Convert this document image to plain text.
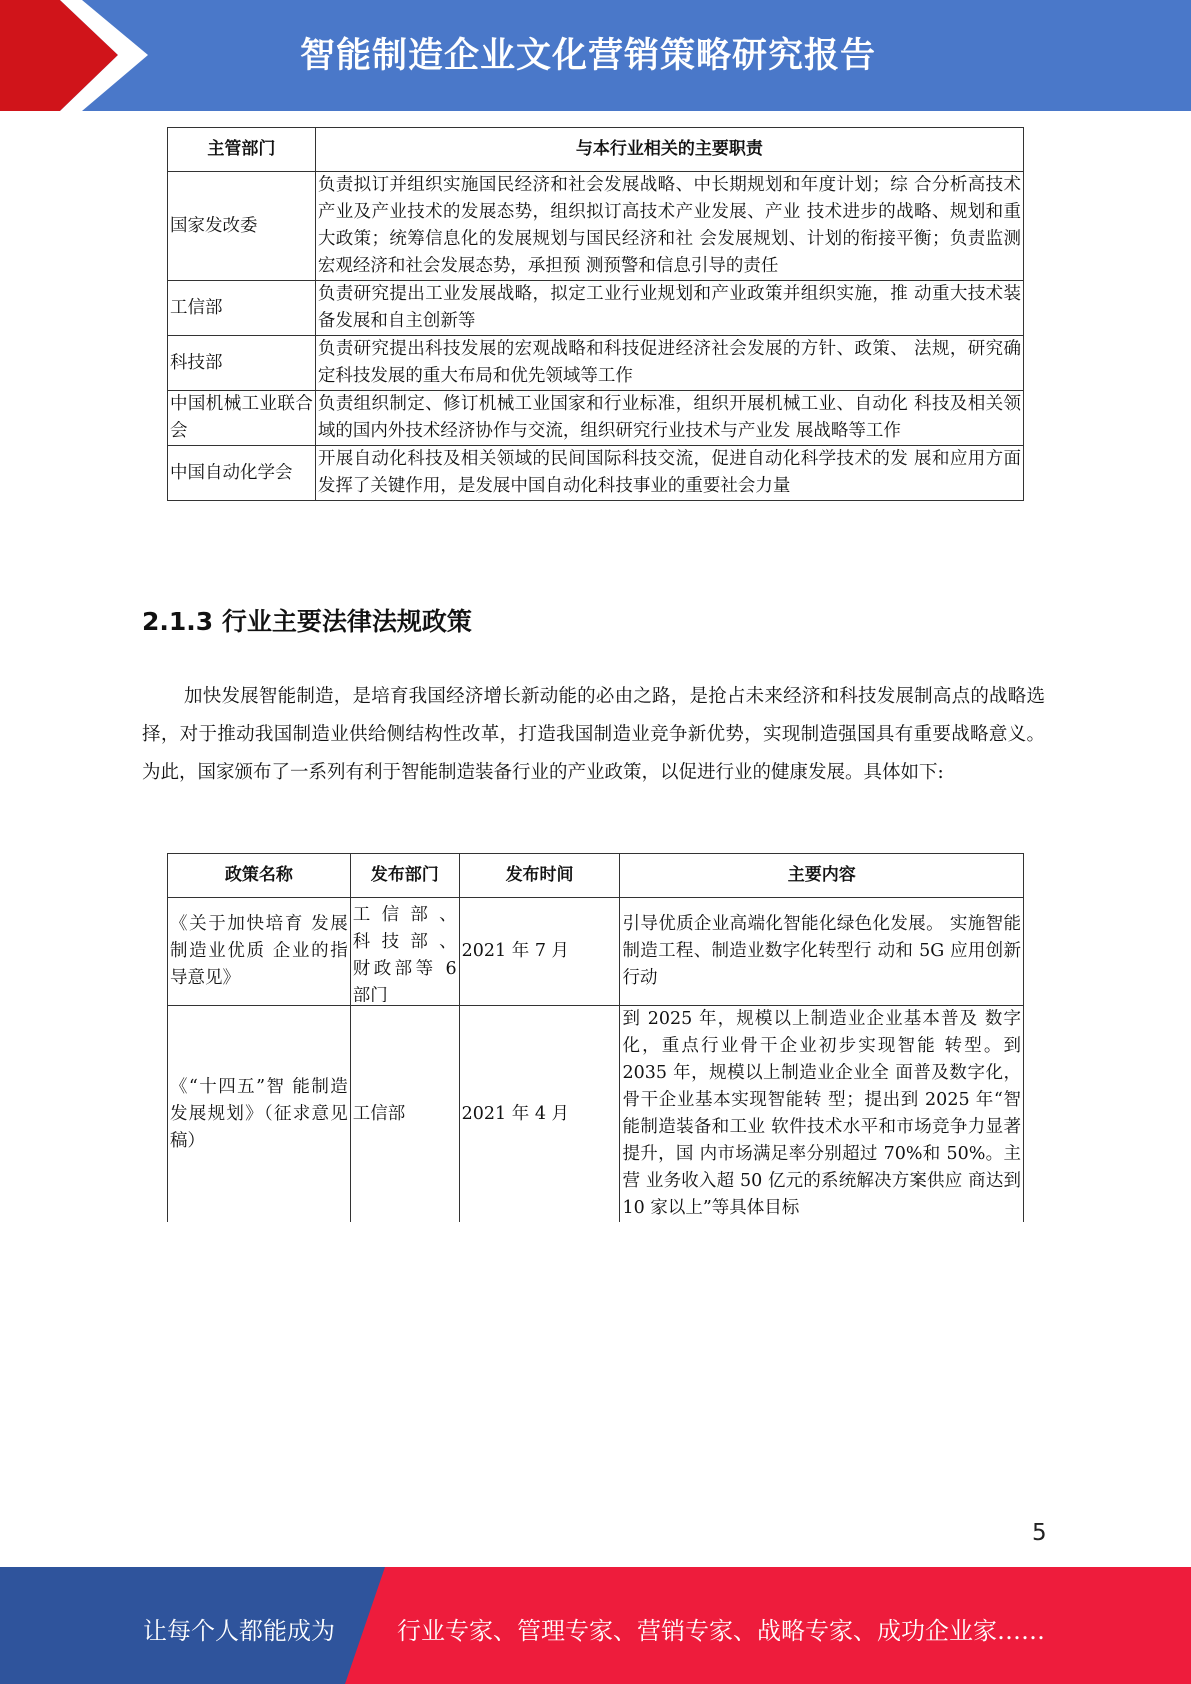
智能制造企业文化营销策略研究报告
主管部门	与本行业相关的主要职责
国家发改委	负责拟订并组织实施国民经济和社会发展战略、中长期规划和年度计划；综 合分析高技术产业及产业技术的发展态势，组织拟订高技术产业发展、产业 技术进步的战略、规划和重大政策；统筹信息化的发展规划与国民经济和社 会发展规划、计划的衔接平衡；负责监测宏观经济和社会发展态势，承担预 测预警和信息引导的责任
工信部	负责研究提出工业发展战略，拟定工业行业规划和产业政策并组织实施，推 动重大技术装备发展和自主创新等
科技部	负责研究提出科技发展的宏观战略和科技促进经济社会发展的方针、政策、 法规，研究确定科技发展的重大布局和优先领域等工作
中国机械工业联合会	负责组织制定、修订机械工业国家和行业标准，组织开展机械工业、自动化 科技及相关领域的国内外技术经济协作与交流，组织研究行业技术与产业发 展战略等工作
中国自动化学会	开展自动化科技及相关领域的民间国际科技交流，促进自动化科学技术的发 展和应用方面发挥了关键作用，是发展中国自动化科技事业的重要社会力量
2.1.3 行业主要法律法规政策
加快发展智能制造，是培育我国经济增长新动能的必由之路，是抢占未来经济和科技发展制高点的战略选择，对于推动我国制造业供给侧结构性改革，打造我国制造业竞争新优势，实现制造强国具有重要战略意义。为此，国家颁布了一系列有利于智能制造装备行业的产业政策，以促进行业的健康发展。具体如下:
政策名称	发布部门	发布时间	主要内容
《关于加快培育 发展制造业优质 企业的指导意见》	工 信 部 、 科 技 部 、 财政部等 6 部门	2021 年 7 月	引导优质企业高端化智能化绿色化发展。 实施智能制造工程、制造业数字化转型行 动和 5G 应用创新行动
《“十四五”智 能制造发展规划》（征求意见稿）	工信部	2021 年 4 月	到 2025 年，规模以上制造业企业基本普及 数字化，重点行业骨干企业初步实现智能 转型。到 2035 年，规模以上制造业企业全 面普及数字化，骨干企业基本实现智能转 型；提出到 2025 年“智能制造装备和工业 软件技术水平和市场竞争力显著提升，国 内市场满足率分别超过 70%和 50%。主营 业务收入超 50 亿元的系统解决方案供应 商达到 10 家以上”等具体目标
5
让每个人都能成为	行业专家、管理专家、营销专家、战略专家、成功企业家……
